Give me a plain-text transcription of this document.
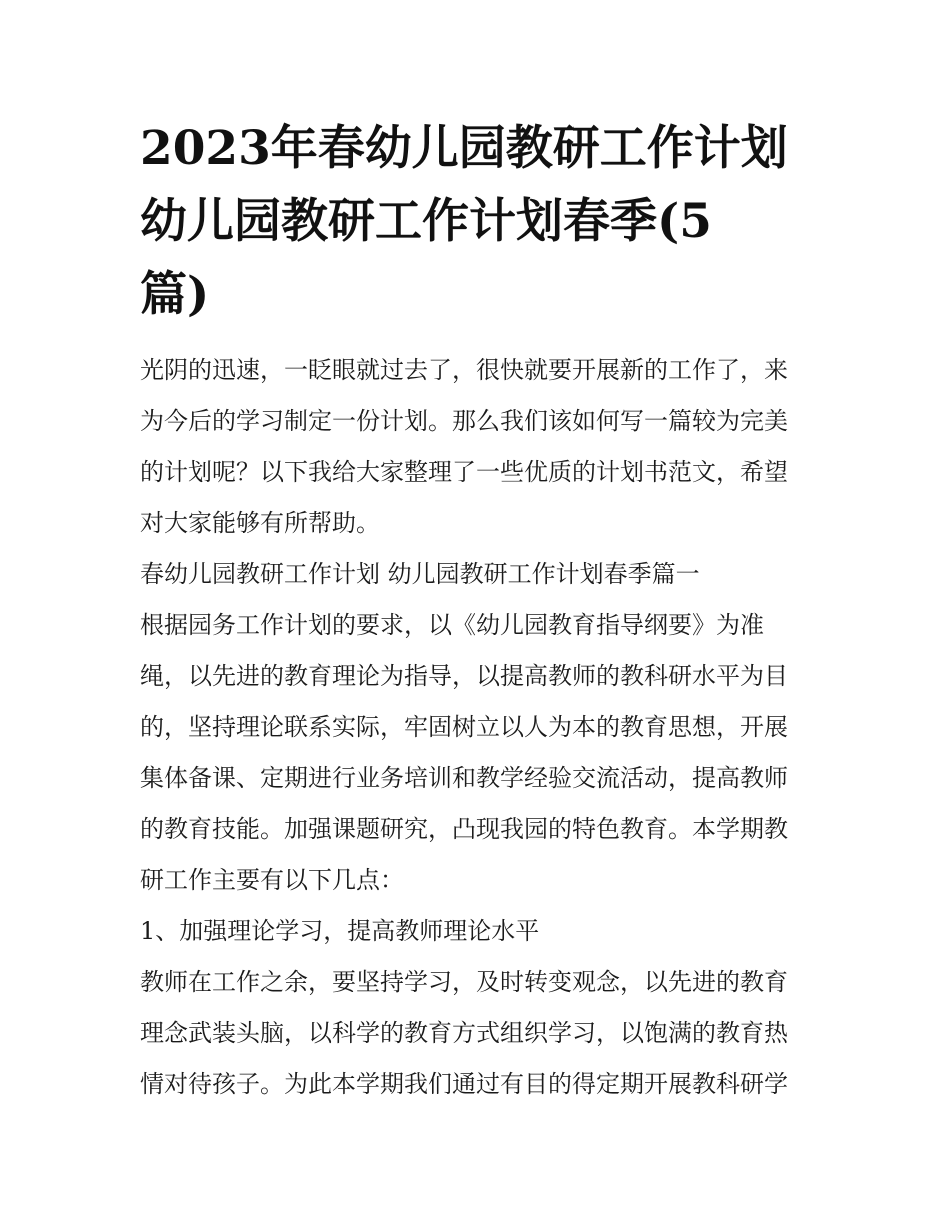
2023年春幼儿园教研工作计划
幼儿园教研工作计划春季(5
篇)
光阴的迅速，一眨眼就过去了，很快就要开展新的工作了，来
为今后的学习制定一份计划。那么我们该如何写一篇较为完美
的计划呢？以下我给大家整理了一些优质的计划书范文，希望
对大家能够有所帮助。
春幼儿园教研工作计划 幼儿园教研工作计划春季篇一
根据园务工作计划的要求，以《幼儿园教育指导纲要》为准
绳，以先进的教育理论为指导，以提高教师的教科研水平为目
的，坚持理论联系实际，牢固树立以人为本的教育思想，开展
集体备课、定期进行业务培训和教学经验交流活动，提高教师
的教育技能。加强课题研究，凸现我园的特色教育。本学期教
研工作主要有以下几点：
1、加强理论学习，提高教师理论水平
教师在工作之余，要坚持学习，及时转变观念，以先进的教育
理念武装头脑，以科学的教育方式组织学习，以饱满的教育热
情对待孩子。为此本学期我们通过有目的得定期开展教科研学
